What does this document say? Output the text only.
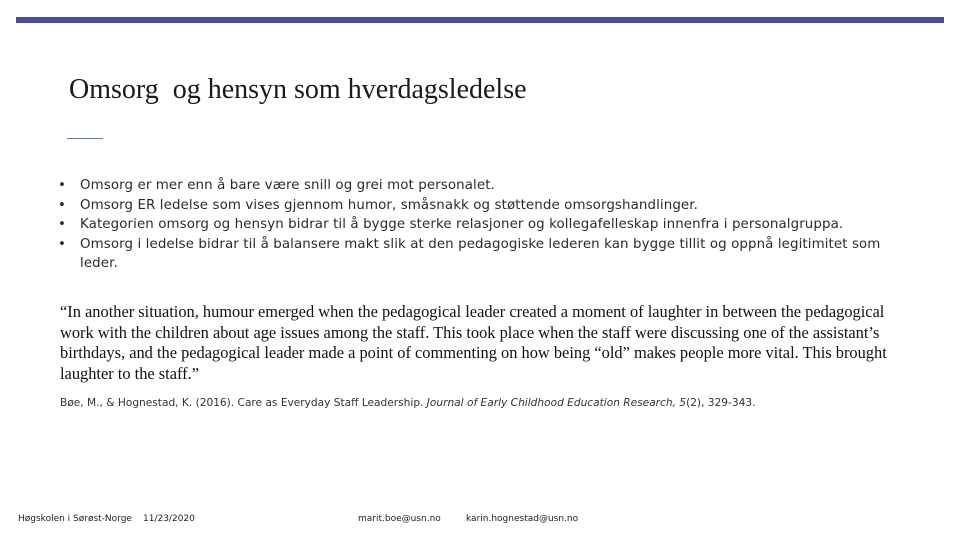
Omsorg  og hensyn som hverdagsledelse
• Omsorg er mer enn å bare være snill og grei mot personalet.
• Omsorg ER ledelse som vises gjennom humor, småsnakk og støttende omsorgshandlinger.
• Kategorien omsorg og hensyn bidrar til å bygge sterke relasjoner og kollegafelleskap innenfra i personalgruppa.
• Omsorg i ledelse bidrar til å balansere makt slik at den pedagogiske lederen kan bygge tillit og oppnå legitimitet som leder.
“In another situation, humour emerged when the pedagogical leader created a moment of laughter in between the pedagogical work with the children about age issues among the staff. This took place when the staff were discussing one of the assistant’s birthdays, and the pedagogical leader made a point of commenting on how being “old” makes people more vital. This brought laughter to the staff.”
Bøe, M., & Hognestad, K. (2016). Care as Everyday Staff Leadership. Journal of Early Childhood Education Research, 5(2), 329-343.
Høgskolen i Sørøst-Norge 11/23/2020	marit.boe@usn.no	karin.hognestad@usn.no
